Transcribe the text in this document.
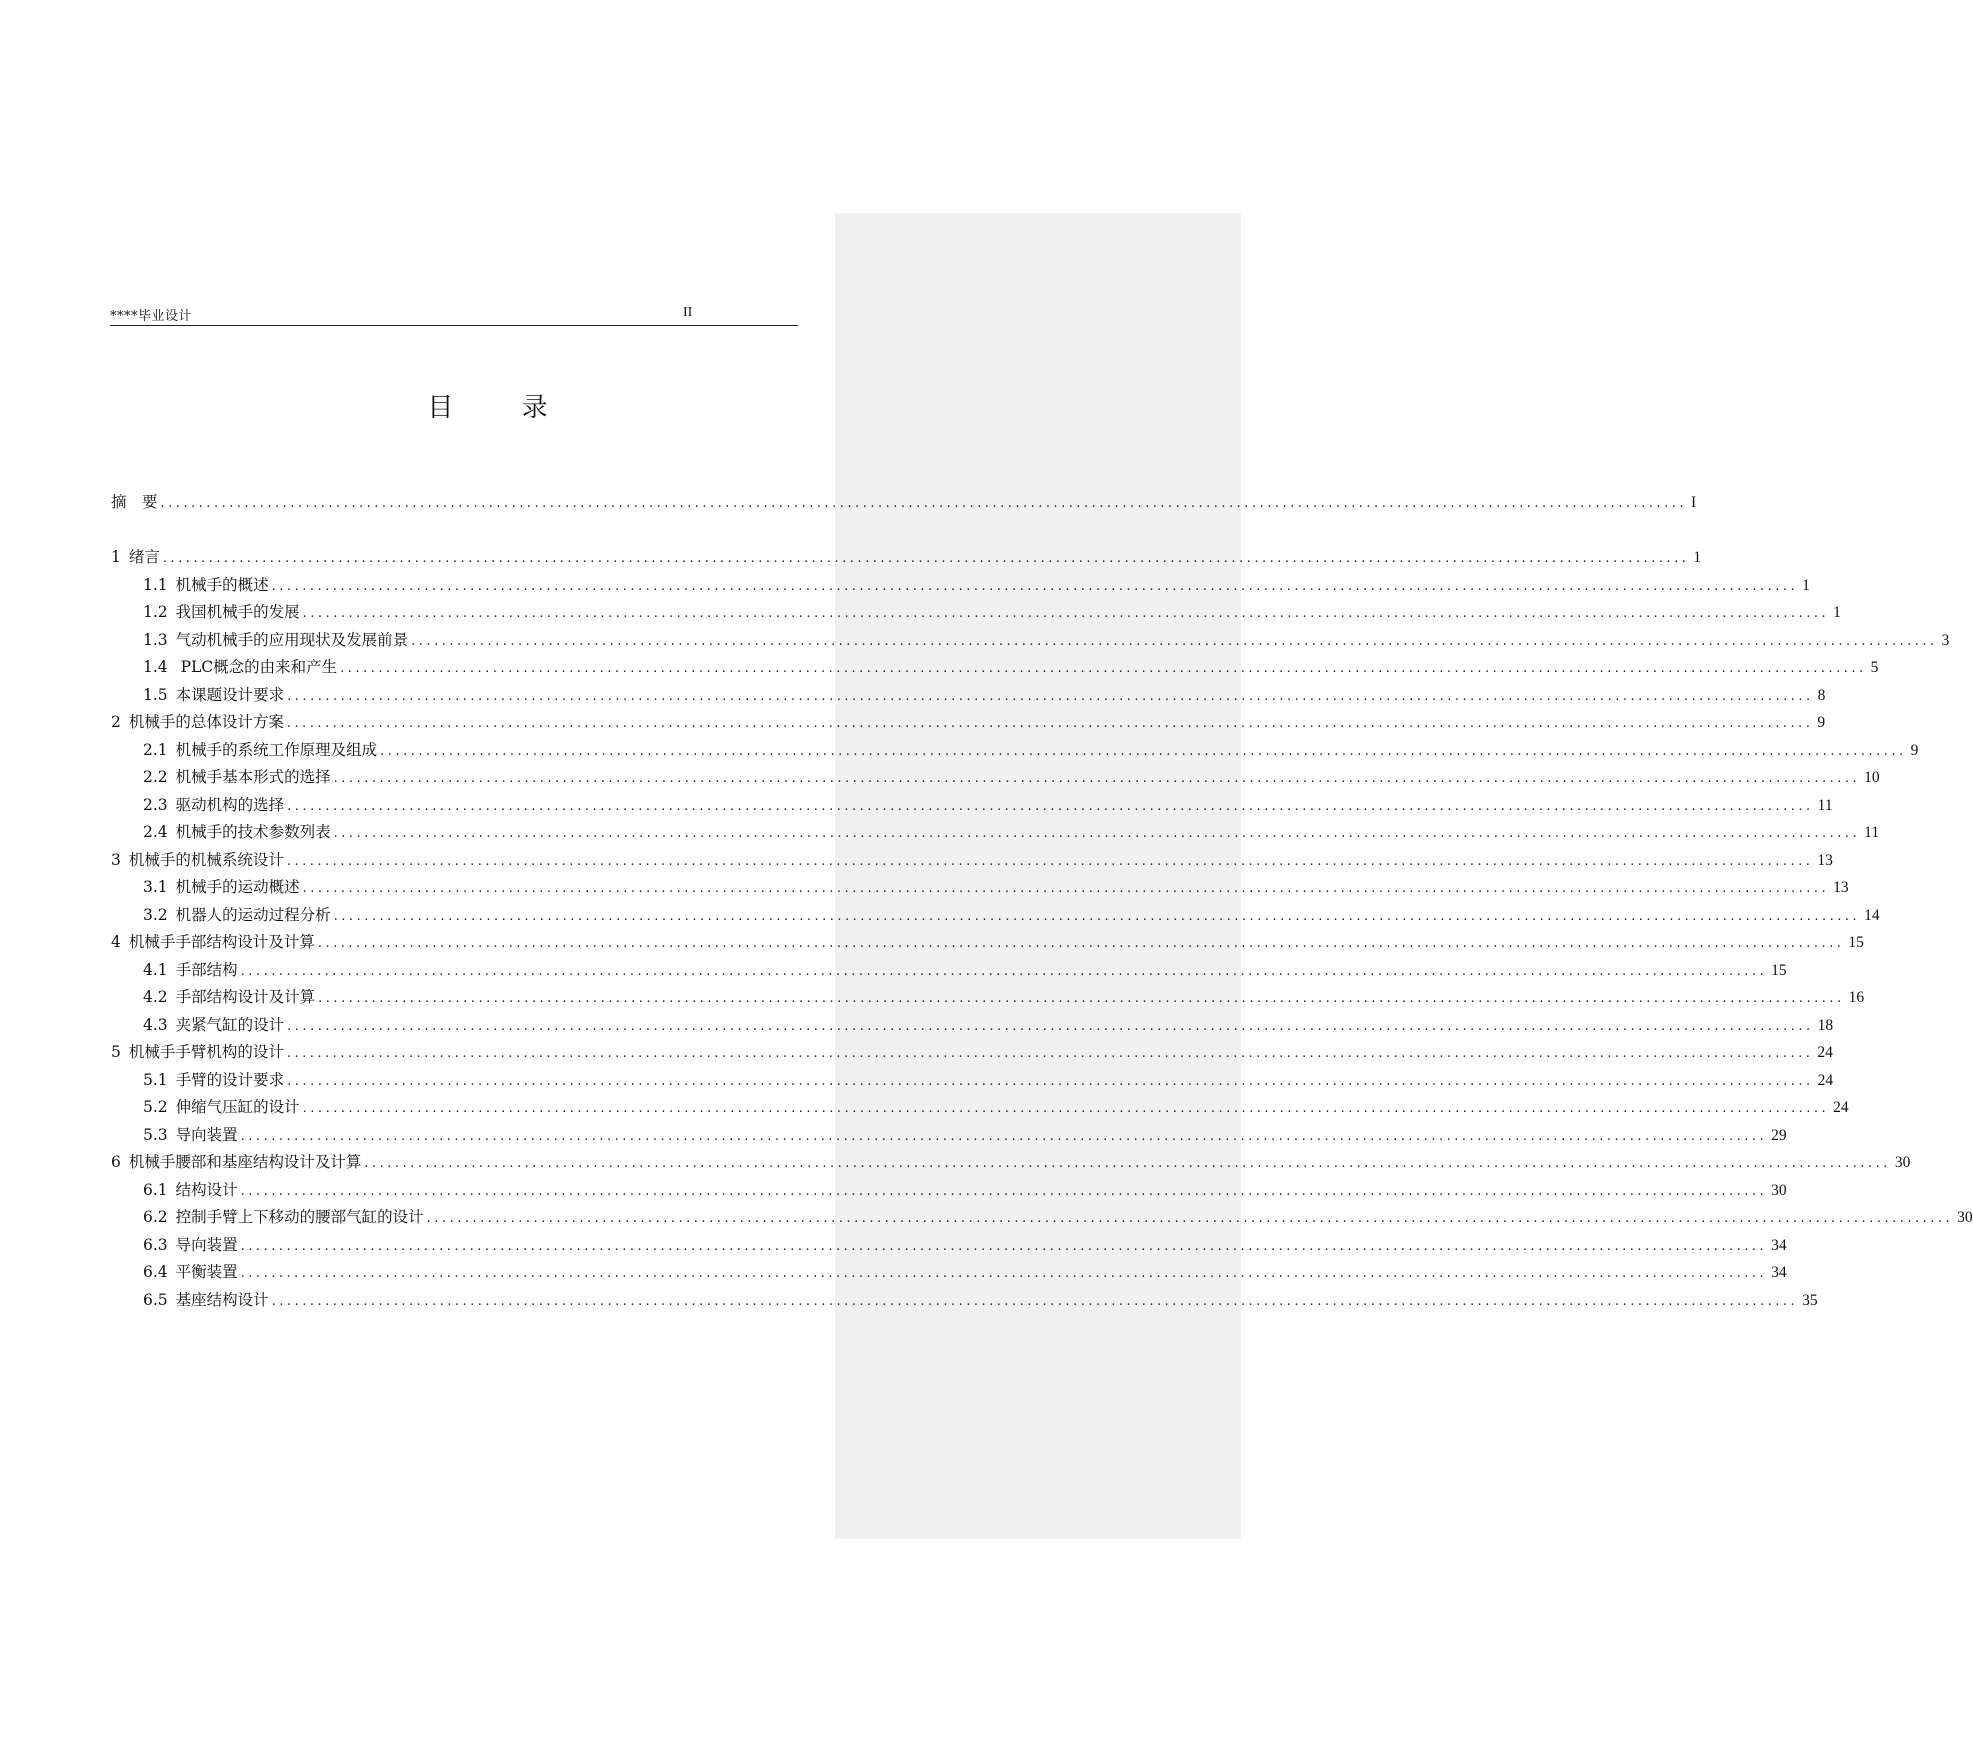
****毕业设计	II
目 录
摘　要 ........................................................................................................................................................................................................ I
1 绪言 ........................................................................................................................................................................................................ 1
1.1 机械手的概述 ........................................................................................................................................................................................................ 1
1.2 我国机械手的发展 ........................................................................................................................................................................................................ 1
1.3 气动机械手的应用现状及发展前景 ........................................................................................................................................................................................................ 3
1.4 PLC概念的由来和产生 ........................................................................................................................................................................................................ 5
1.5 本课题设计要求 ........................................................................................................................................................................................................ 8
2 机械手的总体设计方案 ........................................................................................................................................................................................................ 9
2.1 机械手的系统工作原理及组成 ........................................................................................................................................................................................................ 9
2.2 机械手基本形式的选择 ........................................................................................................................................................................................................ 10
2.3 驱动机构的选择 ........................................................................................................................................................................................................ 11
2.4 机械手的技术参数列表 ........................................................................................................................................................................................................ 11
3 机械手的机械系统设计 ........................................................................................................................................................................................................ 13
3.1 机械手的运动概述 ........................................................................................................................................................................................................ 13
3.2 机器人的运动过程分析 ........................................................................................................................................................................................................ 14
4 机械手手部结构设计及计算 ........................................................................................................................................................................................................ 15
4.1 手部结构 ........................................................................................................................................................................................................ 15
4.2 手部结构设计及计算 ........................................................................................................................................................................................................ 16
4.3 夹紧气缸的设计 ........................................................................................................................................................................................................ 18
5 机械手手臂机构的设计 ........................................................................................................................................................................................................ 24
5.1 手臂的设计要求 ........................................................................................................................................................................................................ 24
5.2 伸缩气压缸的设计 ........................................................................................................................................................................................................ 24
5.3 导向装置 ........................................................................................................................................................................................................ 29
6 机械手腰部和基座结构设计及计算 ........................................................................................................................................................................................................ 30
6.1 结构设计 ........................................................................................................................................................................................................ 30
6.2 控制手臂上下移动的腰部气缸的设计 ........................................................................................................................................................................................................ 30
6.3 导向装置 ........................................................................................................................................................................................................ 34
6.4 平衡装置 ........................................................................................................................................................................................................ 34
6.5 基座结构设计 ........................................................................................................................................................................................................ 35
